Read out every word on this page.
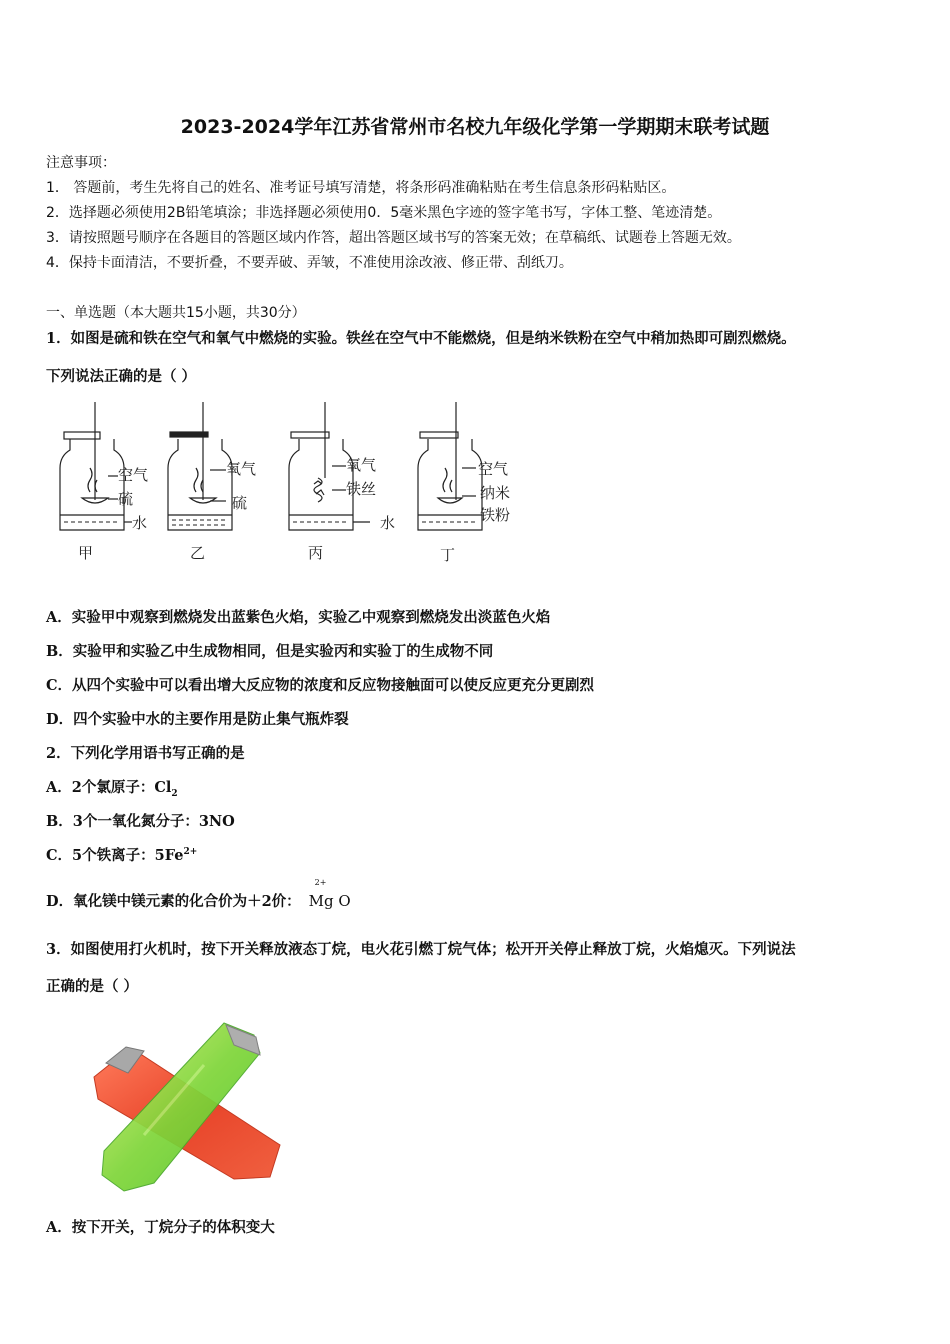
2023-2024学年江苏省常州市名校九年级化学第一学期期末联考试题
注意事项：
1． 答题前，考生先将自己的姓名、准考证号填写清楚，将条形码准确粘贴在考生信息条形码粘贴区。
2．选择题必须使用2B铅笔填涂；非选择题必须使用0．5毫米黑色字迹的签字笔书写，字体工整、笔迹清楚。
3．请按照题号顺序在各题目的答题区域内作答，超出答题区域书写的答案无效；在草稿纸、试题卷上答题无效。
4．保持卡面清洁，不要折叠，不要弄破、弄皱，不准使用涂改液、修正带、刮纸刀。
一、单选题（本大题共15小题，共30分）
1．如图是硫和铁在空气和氧气中燃烧的实验。铁丝在空气中不能燃烧，但是纳米铁粉在空气中稍加热即可剧烈燃烧。
下列说法正确的是（ ）
空气
硫
水
甲
氧气
硫
乙
氧气
铁丝
水
丙
空气
纳米
铁粉
丁
A．实验甲中观察到燃烧发出蓝紫色火焰，实验乙中观察到燃烧发出淡蓝色火焰
B．实验甲和实验乙中生成物相同，但是实验丙和实验丁的生成物不同
C．从四个实验中可以看出增大反应物的浓度和反应物接触面可以使反应更充分更剧烈
D．四个实验中水的主要作用是防止集气瓶炸裂
2．下列化学用语书写正确的是
A．2个氯原子：$Cl_2$
B．3个一氧化氮分子：3NO
C．5个铁离子：$5Fe^{2+}$
D．氧化镁中镁元素的化合价为＋2价：
2+
Mg O
3．如图使用打火机时，按下开关释放液态丁烷，电火花引燃丁烷气体；松开开关停止释放丁烷，火焰熄灭。下列说法
正确的是（ ）
A．按下开关，丁烷分子的体积变大
